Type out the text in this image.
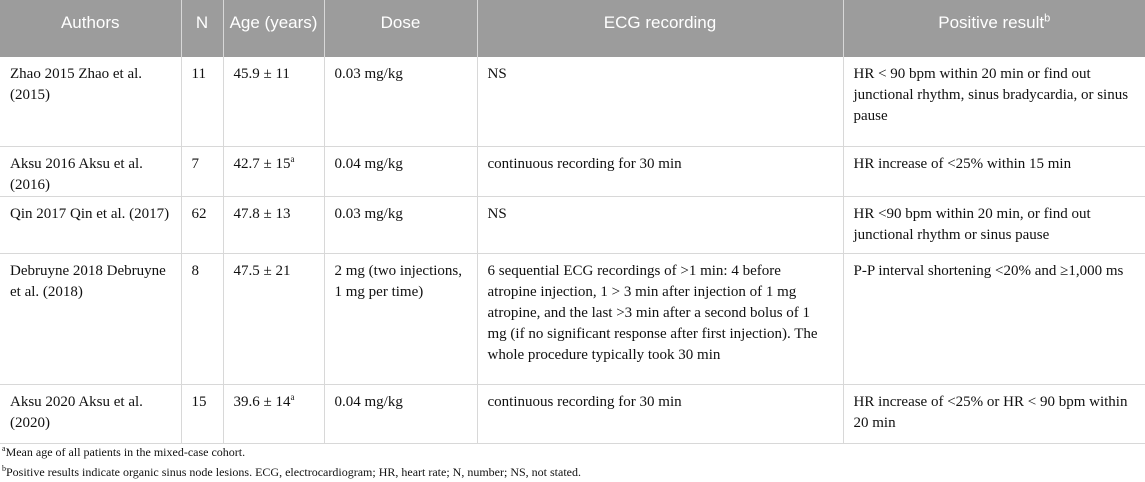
Authors	N	Age (years)	Dose	ECG recording	Positive result$^b$
Zhao 2015 Zhao et al. (2015)	11	45.9 ± 11	0.03 mg/kg	NS	HR < 90 bpm within 20 min or find out junctional rhythm, sinus bradycardia, or sinus pause
Aksu 2016 Aksu et al. (2016)	7	$42.7 \pm 15^a$	0.04 mg/kg	continuous recording for 30 min	HR increase of <25% within 15 min
Qin 2017 Qin et al. (2017)	62	47.8 ± 13	0.03 mg/kg	NS	HR <90 bpm within 20 min, or find out junctional rhythm or sinus pause
Debruyne 2018 Debruyne et al. (2018)	8	47.5 ± 21	2 mg (two injections, 1 mg per time)	6 sequential ECG recordings of >1 min: 4 before atropine injection, 1 > 3 min after injection of 1 mg atropine, and the last >3 min after a second bolus of 1 mg (if no significant response after first injection). The whole procedure typically took 30 min	P-P interval shortening <20% and ≥1,000 ms
Aksu 2020 Aksu et al. (2020)	15	$39.6 \pm 14^a$	0.04 mg/kg	continuous recording for 30 min	HR increase of <25% or HR < 90 bpm within 20 min
$^a$Mean age of all patients in the mixed-case cohort.
$^b$Positive results indicate organic sinus node lesions. ECG, electrocardiogram; HR, heart rate; N, number; NS, not stated.
